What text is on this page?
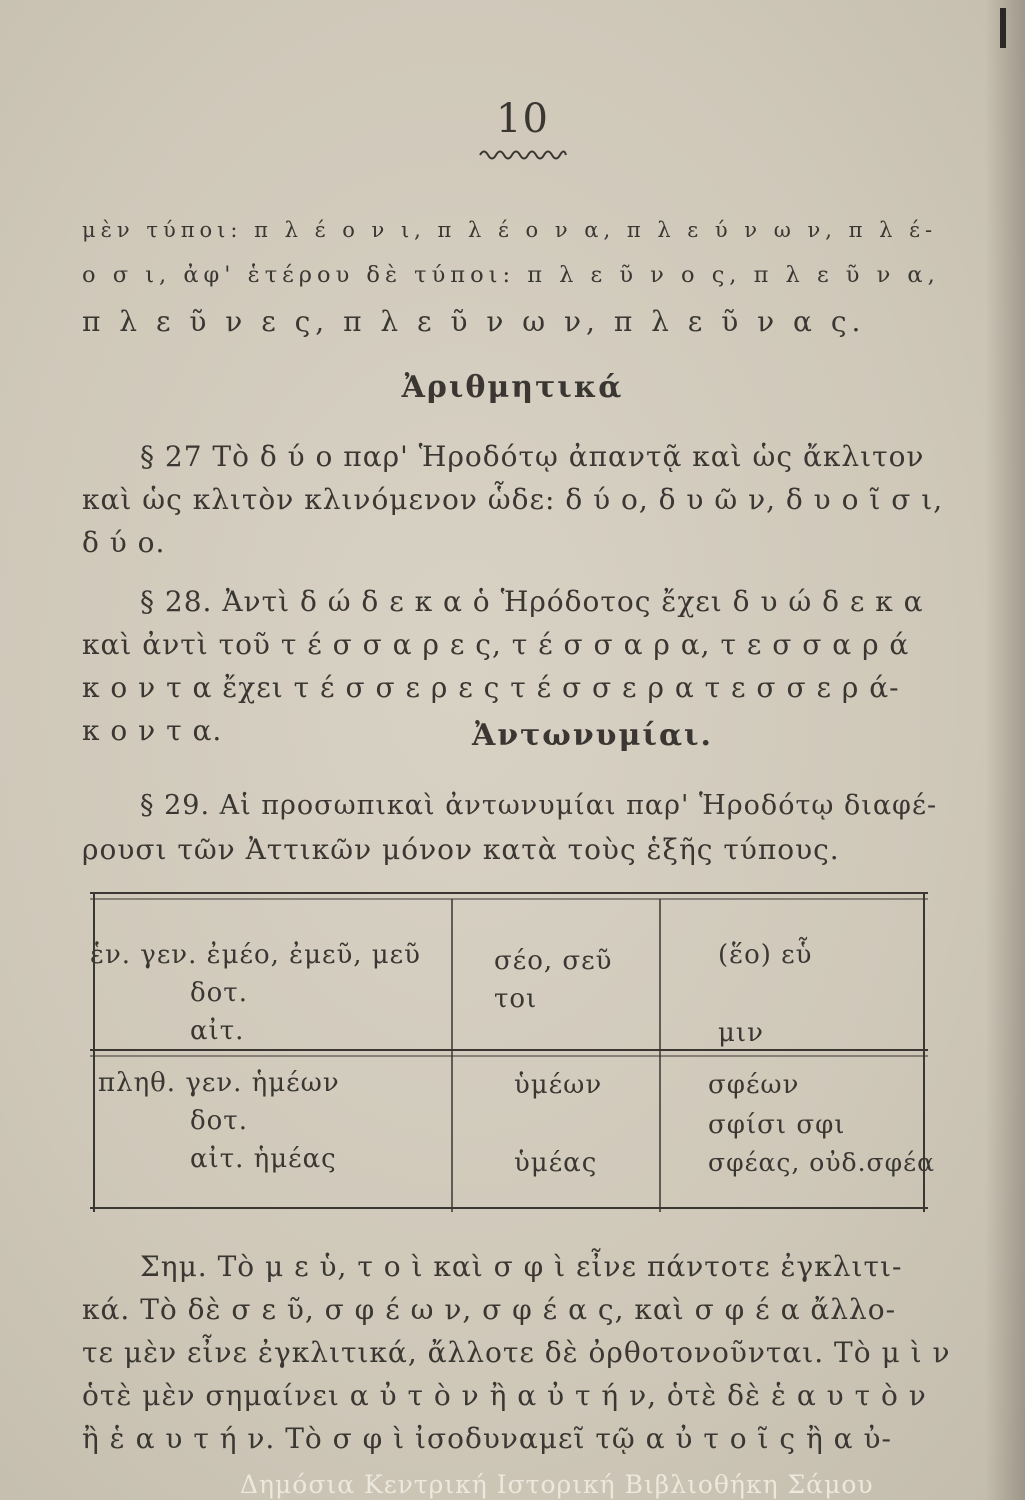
10
μὲν τύποι: π λ έ ο ν ι, π λ έ ο ν α, π λ ε ύ ν ω ν, π λ έ-
ο σ ι, ἀφ' ἑτέρου δὲ τύποι: π λ ε ῦ ν ο ς, π λ ε ῦ ν α,
π λ ε ῦ ν ε ς, π λ ε ῦ ν ω ν, π λ ε ῦ ν α ς.
Ἀριθμητικά
§ 27 Τὸ δ ύ ο παρ' Ἡροδότῳ ἀπαντᾷ καὶ ὡς ἄκλιτον
καὶ ὡς κλιτὸν κλινόμενον ὧδε: δ ύ ο, δ υ ῶ ν, δ υ ο ῖ σ ι,
δ ύ ο.
§ 28. Ἀντὶ δ ώ δ ε κ α ὁ Ἡρόδοτος ἔχει δ υ ώ δ ε κ α
καὶ ἀντὶ τοῦ τ έ σ σ α ρ ε ς, τ έ σ σ α ρ α, τ ε σ σ α ρ ά
κ ο ν τ α ἔχει τ έ σ σ ε ρ ε ς τ έ σ σ ε ρ α τ ε σ σ ε ρ ά-
κ ο ν τ α.	Ἀντωνυμίαι.
§ 29. Αἱ προσωπικαὶ ἀντωνυμίαι παρ' Ἡροδότῳ διαφέ-
ρουσι τῶν Ἀττικῶν μόνον κατὰ τοὺς ἑξῆς τύπους.
ἑν. γεν. ἐμέο, ἐμεῦ, μεῦ
δοτ.
αἰτ.
σέο, σεῦ
τοι
(ἕο) εὗ
μιν
πληθ. γεν. ἡμέων
δοτ.
αἰτ. ἡμέας
ὑμέων
ὑμέας
σφέων
σφίσι σφι
σφέας, οὐδ.σφέα
Σημ. Τὸ μ ε ὑ, τ ο ὶ καὶ σ φ ὶ εἶνε πάντοτε ἐγκλιτι-
κά. Τὸ δὲ σ ε ῦ, σ φ έ ω ν, σ φ έ α ς, καὶ σ φ έ α ἄλλο-
τε μὲν εἶνε ἐγκλιτικά, ἄλλοτε δὲ ὀρθοτονοῦνται. Τὸ μ ὶ ν
ὁτὲ μὲν σημαίνει α ὐ τ ὸ ν ἢ α ὐ τ ή ν, ὁτὲ δὲ ἑ α υ τ ὸ ν
ἢ ἑ α υ τ ή ν. Τὸ σ φ ὶ ἰσοδυναμεῖ τῷ α ὐ τ ο ῖ ς ἢ α ὐ-
Δημόσια Κεντρική Ιστορική Βιβλιοθήκη Σάμου
